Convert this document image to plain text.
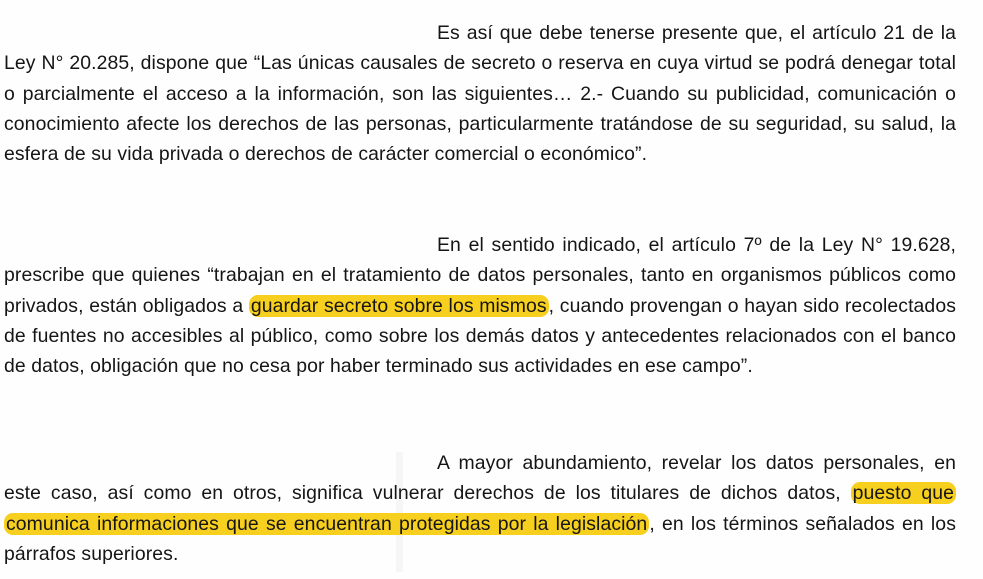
Es así que debe tenerse presente que, el artículo 21 de la Ley N° 20.285, dispone que “Las únicas causales de secreto o reserva en cuya virtud se podrá denegar total o parcialmente el acceso a la información, son las siguientes… 2.- Cuando su publicidad, comunicación o conocimiento afecte los derechos de las personas, particularmente tratándose de su seguridad, su salud, la esfera de su vida privada o derechos de carácter comercial o económico”.

En el sentido indicado, el artículo 7º de la Ley N° 19.628, prescribe que quienes “trabajan en el tratamiento de datos personales, tanto en organismos públicos como privados, están obligados a guardar secreto sobre los mismos , cuando provengan o hayan sido recolectados de fuentes no accesibles al público, como sobre los demás datos y antecedentes relacionados con el banco de datos, obligación que no cesa por haber terminado sus actividades en ese campo”.

A mayor abundamiento, revelar los datos personales, en este caso, así como en otros, significa vulnerar derechos de los titulares de dichos datos, puesto que comunica informaciones que se encuentran protegidas por la legislación , en los términos señalados en los párrafos superiores.
